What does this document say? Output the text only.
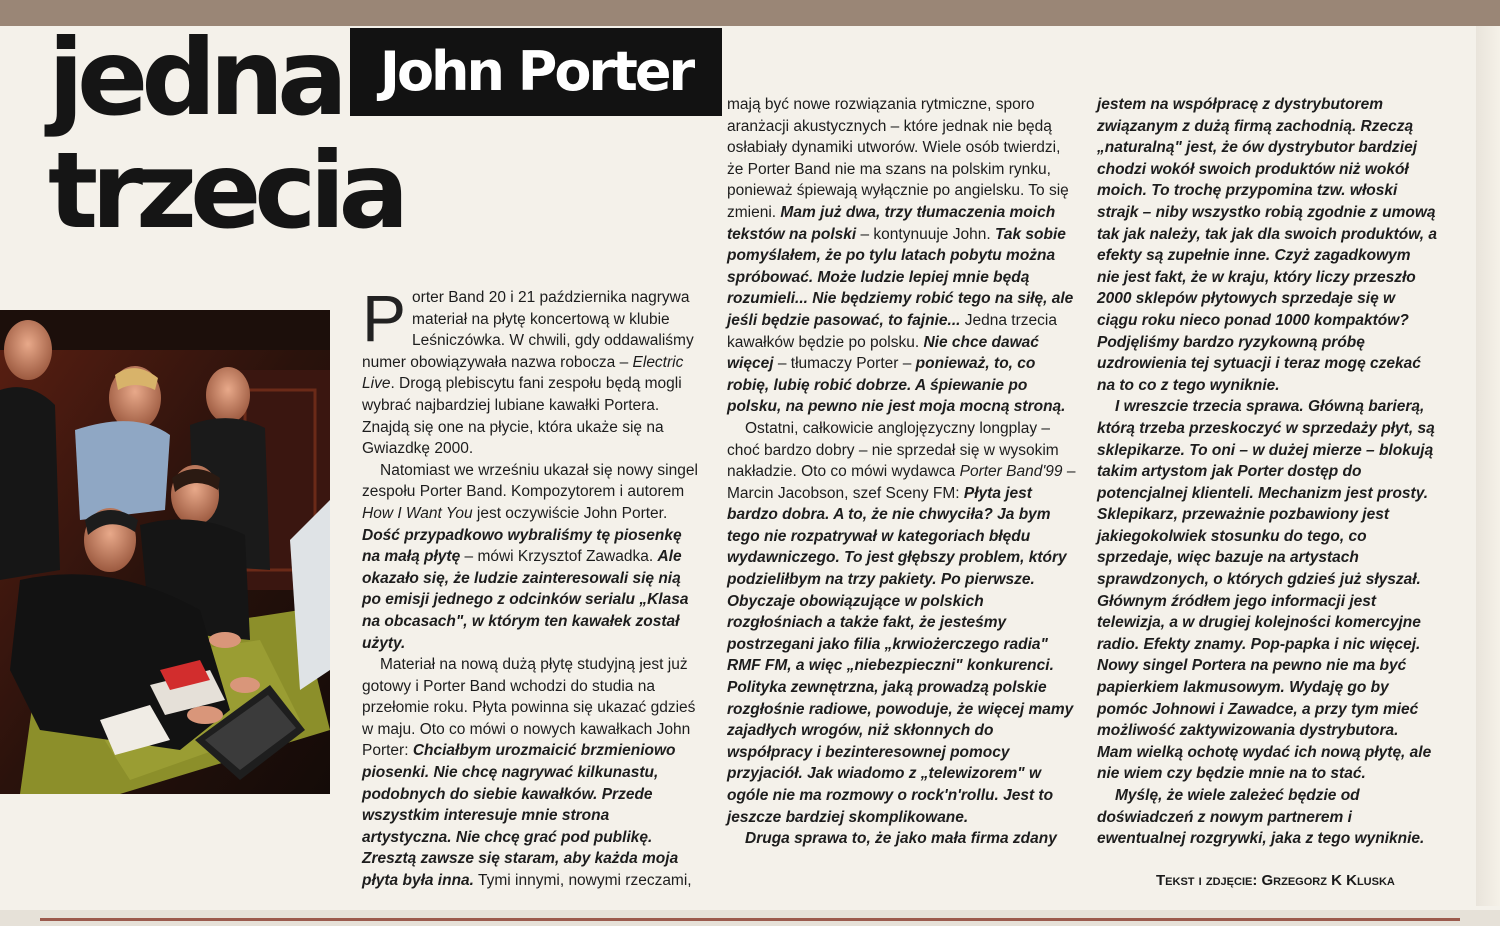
jedna
trzecia
John Porter

Porter Band 20 i 21 października nagrywa materiał na płytę koncertową w klubie Leśniczówka. W chwili, gdy oddawaliśmy numer obowiązywała nazwa robocza – Electric Live. Drogą plebiscytu fani zespołu będą mogli wybrać najbardziej lubiane kawałki Portera. Znajdą się one na płycie, która ukaże się na Gwiazdkę 2000.

Natomiast we wrześniu ukazał się nowy singel zespołu Porter Band. Kompozytorem i autorem How I Want You jest oczywiście John Porter. Dość przypadkowo wybraliśmy tę piosenkę na małą płytę – mówi Krzysztof Zawadka. Ale okazało się, że ludzie zainteresowali się nią po emisji jednego z odcinków serialu „Klasa na obcasach", w którym ten kawałek został użyty.

Materiał na nową dużą płytę studyjną jest już gotowy i Porter Band wchodzi do studia na przełomie roku. Płyta powinna się ukazać gdzieś w maju. Oto co mówi o nowych kawałkach John Porter: Chciałbym urozmaicić brzmieniowo piosenki. Nie chcę nagrywać kilkunastu, podobnych do siebie kawałków. Przede wszystkim interesuje mnie strona artystyczna. Nie chcę grać pod publikę. Zresztą zawsze się staram, aby każda moja płyta była inna. Tymi innymi, nowymi rzeczami,

mają być nowe rozwiązania rytmiczne, sporo aranżacji akustycznych – które jednak nie będą osłabiały dynamiki utworów. Wiele osób twierdzi, że Porter Band nie ma szans na polskim rynku, ponieważ śpiewają wyłącznie po angielsku. To się zmieni. Mam już dwa, trzy tłumaczenia moich tekstów na polski – kontynuuje John. Tak sobie pomyślałem, że po tylu latach pobytu można spróbować. Może ludzie lepiej mnie będą rozumieli... Nie będziemy robić tego na siłę, ale jeśli będzie pasować, to fajnie... Jedna trzecia kawałków będzie po polsku. Nie chce dawać więcej – tłumaczy Porter – ponieważ, to, co robię, lubię robić dobrze. A śpiewanie po polsku, na pewno nie jest moja mocną stroną.

Ostatni, całkowicie anglojęzyczny longplay – choć bardzo dobry – nie sprzedał się w wysokim nakładzie. Oto co mówi wydawca Porter Band'99 – Marcin Jacobson, szef Sceny FM: Płyta jest bardzo dobra. A to, że nie chwyciła? Ja bym tego nie rozpatrywał w kategoriach błędu wydawniczego. To jest głębszy problem, który podzieliłbym na trzy pakiety. Po pierwsze. Obyczaje obowiązujące w polskich rozgłośniach a także fakt, że jesteśmy postrzegani jako filia „krwiożerczego radia" RMF FM, a więc „niebezpieczni" konkurenci. Polityka zewnętrzna, jaką prowadzą polskie rozgłośnie radiowe, powoduje, że więcej mamy zajadłych wrogów, niż skłonnych do współpracy i bezinteresownej pomocy przyjaciół. Jak wiadomo z „telewizorem" w ogóle nie ma rozmowy o rock'n'rollu. Jest to jeszcze bardziej skomplikowane.

Druga sprawa to, że jako mała firma zdany

jestem na współpracę z dystrybutorem związanym z dużą firmą zachodnią. Rzeczą „naturalną" jest, że ów dystrybutor bardziej chodzi wokół swoich produktów niż wokół moich. To trochę przypomina tzw. włoski strajk – niby wszystko robią zgodnie z umową tak jak należy, tak jak dla swoich produktów, a efekty są zupełnie inne. Czyż zagadkowym nie jest fakt, że w kraju, który liczy przeszło 2000 sklepów płytowych sprzedaje się w ciągu roku nieco ponad 1000 kompaktów? Podjęliśmy bardzo ryzykowną próbę uzdrowienia tej sytuacji i teraz mogę czekać na to co z tego wyniknie.

I wreszcie trzecia sprawa. Główną barierą, którą trzeba przeskoczyć w sprzedaży płyt, są sklepikarze. To oni – w dużej mierze – blokują takim artystom jak Porter dostęp do potencjalnej klienteli. Mechanizm jest prosty. Sklepikarz, przeważnie pozbawiony jest jakiegokolwiek stosunku do tego, co sprzedaje, więc bazuje na artystach sprawdzonych, o których gdzieś już słyszał. Głównym źródłem jego informacji jest telewizja, a w drugiej kolejności komercyjne radio. Efekty znamy. Pop-papka i nic więcej. Nowy singel Portera na pewno nie ma być papierkiem lakmusowym. Wydaję go by pomóc Johnowi i Zawadce, a przy tym mieć możliwość zaktywizowania dystrybutora. Mam wielką ochotę wydać ich nową płytę, ale nie wiem czy będzie mnie na to stać.

Myślę, że wiele zależeć będzie od doświadczeń z nowym partnerem i ewentualnej rozgrywki, jaka z tego wyniknie.

Tekst i zdjęcie: Grzegorz K Kluska
